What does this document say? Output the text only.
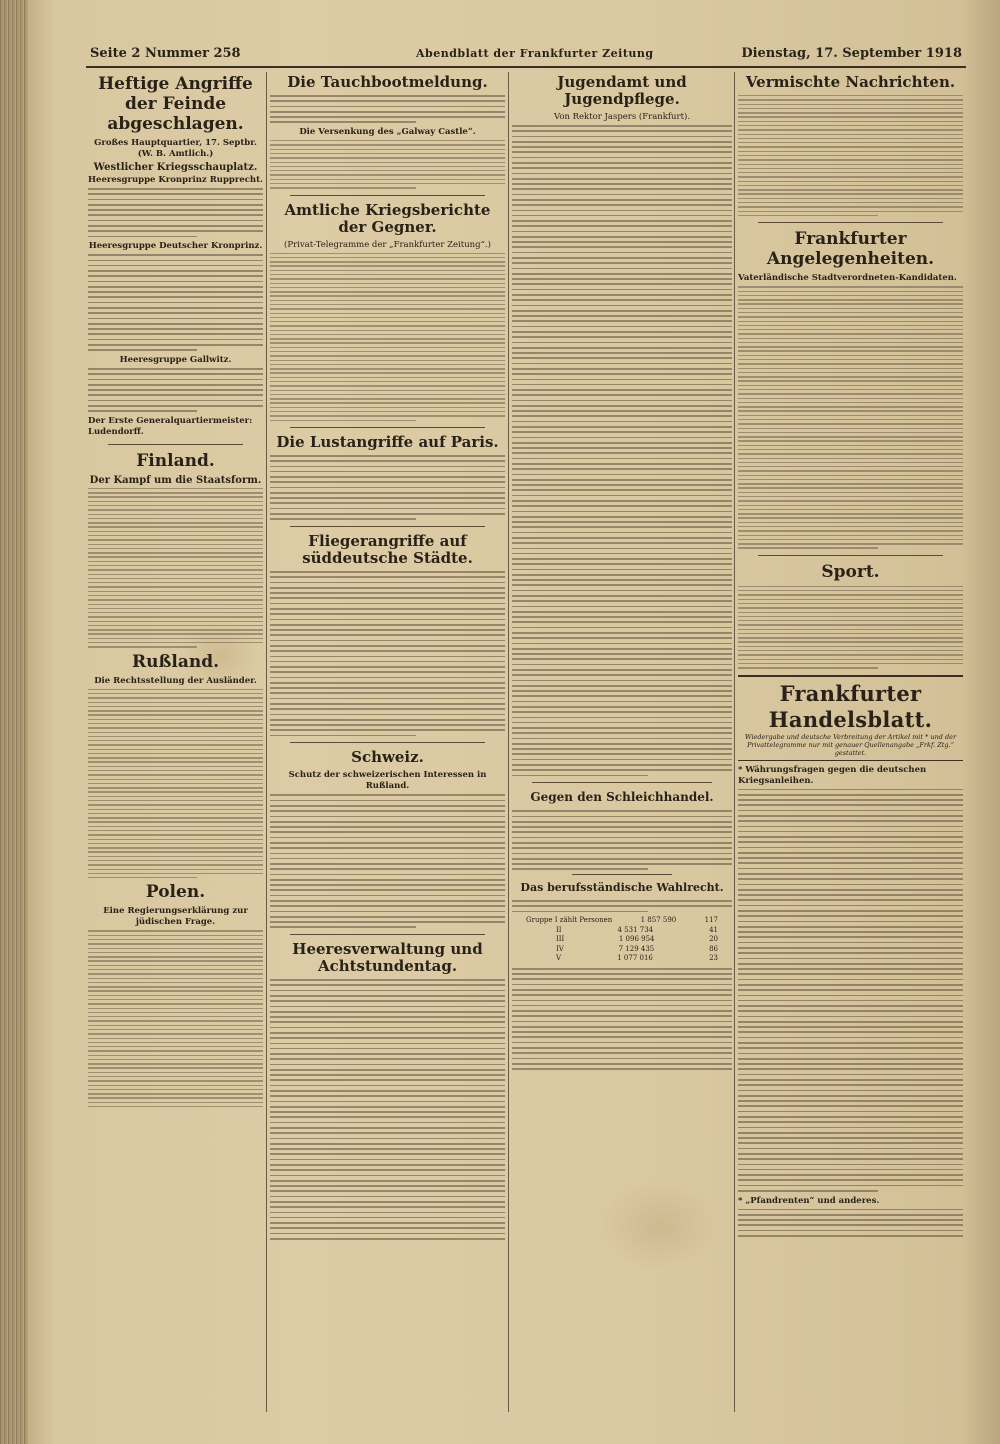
Seite 2 Nummer 258	Abendblatt der Frankfurter Zeitung	Dienstag, 17. September 1918
Heftige Angriffe der Feinde abgeschlagen.
Großes Hauptquartier, 17. Septbr. (W. B. Amtlich.)
Westlicher Kriegsschauplatz.
Heeresgruppe Kronprinz Rupprecht.
Heeresgruppe Deutscher Kronprinz.
Heeresgruppe Gallwitz.
Der Erste Generalquartiermeister: Ludendorff.
Finland.
Der Kampf um die Staatsform.
Rußland.
Die Rechtsstellung der Ausländer.
Polen.
Eine Regierungserklärung zur jüdischen Frage.
Die Tauchbootmeldung.
Die Versenkung des „Galway Castle“.
Amtliche Kriegsberichte der Gegner.
(Privat-Telegramme der „Frankfurter Zeitung“.)
Die Lustangriffe auf Paris.
Fliegerangriffe auf süddeutsche Städte.
Schweiz.
Schutz der schweizerischen Interessen in Rußland.
Heeresverwaltung und Achtstundentag.
Jugendamt und Jugendpflege.
Von Rektor Jaspers (Frankfurt).
Gegen den Schleichhandel.
Das berufsständische Wahlrecht.
Gruppe I zählt Personen	1 857 590	117
II	4 531 734	41
III	1 096 954	20
IV	7 129 435	86
V	1 077 016	23
Vermischte Nachrichten.
Frankfurter Angelegenheiten.
Vaterländische Stadtverordneten-Kandidaten.
Sport.
Frankfurter Handelsblatt.
Wiedergabe und deutsche Verbreitung der Artikel mit * und der Privattelegramme nur mit genauer Quellenangabe „Frkf. Ztg.“ gestattet.
* Währungsfragen gegen die deutschen Kriegsanleihen.
* „Pfandrenten“ und anderes.
